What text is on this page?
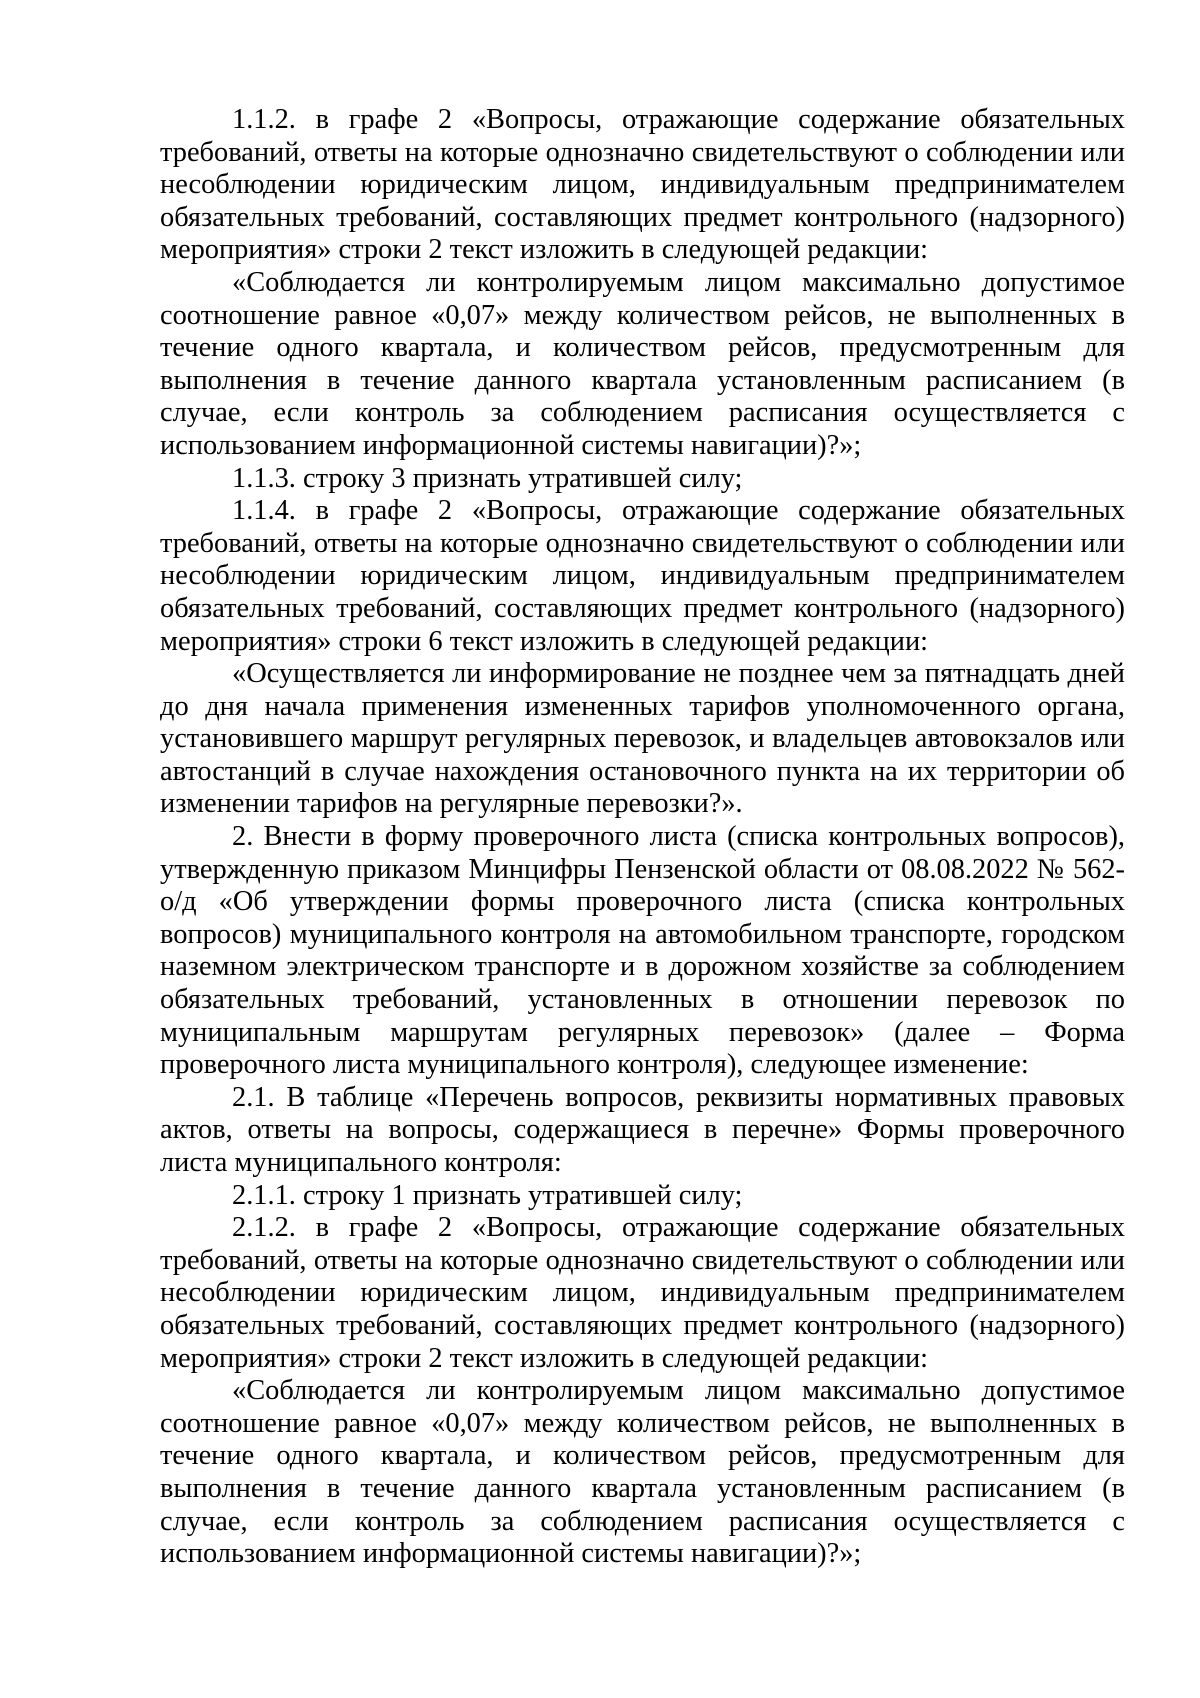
1.1.2. в графе 2 «Вопросы, отражающие содержание обязательных требований, ответы на которые однозначно свидетельствуют о соблюдении или несоблюдении юридическим лицом, индивидуальным предпринимателем обязательных требований, составляющих предмет контрольного (надзорного) мероприятия» строки 2 текст изложить в следующей редакции:

«Соблюдается ли контролируемым лицом максимально допустимое соотношение равное «0,07» между количеством рейсов, не выполненных в течение одного квартала, и количеством рейсов, предусмотренным для выполнения в течение данного квартала установленным расписанием (в случае, если контроль за соблюдением расписания осуществляется с использованием информационной системы навигации)?»;

1.1.3. строку 3 признать утратившей силу;

1.1.4. в графе 2 «Вопросы, отражающие содержание обязательных требований, ответы на которые однозначно свидетельствуют о соблюдении или несоблюдении юридическим лицом, индивидуальным предпринимателем обязательных требований, составляющих предмет контрольного (надзорного) мероприятия» строки 6 текст изложить в следующей редакции:

«Осуществляется ли информирование не позднее чем за пятнадцать дней до дня начала применения измененных тарифов уполномоченного органа, установившего маршрут регулярных перевозок, и владельцев автовокзалов или автостанций в случае нахождения остановочного пункта на их территории об изменении тарифов на регулярные перевозки?».

2. Внести в форму проверочного листа (списка контрольных вопросов), утвержденную приказом Минцифры Пензенской области от 08.08.2022 № 562-о/д «Об утверждении формы проверочного листа (списка контрольных вопросов) муниципального контроля на автомобильном транспорте, городском наземном электрическом транспорте и в дорожном хозяйстве за соблюдением обязательных требований, установленных в отношении перевозок по муниципальным маршрутам регулярных перевозок» (далее – Форма проверочного листа муниципального контроля), следующее изменение:

2.1. В таблице «Перечень вопросов, реквизиты нормативных правовых актов, ответы на вопросы, содержащиеся в перечне» Формы проверочного листа муниципального контроля:

2.1.1. строку 1 признать утратившей силу;

2.1.2. в графе 2 «Вопросы, отражающие содержание обязательных требований, ответы на которые однозначно свидетельствуют о соблюдении или несоблюдении юридическим лицом, индивидуальным предпринимателем обязательных требований, составляющих предмет контрольного (надзорного) мероприятия» строки 2 текст изложить в следующей редакции:

«Соблюдается ли контролируемым лицом максимально допустимое соотношение равное «0,07» между количеством рейсов, не выполненных в течение одного квартала, и количеством рейсов, предусмотренным для выполнения в течение данного квартала установленным расписанием (в случае, если контроль за соблюдением расписания осуществляется с использованием информационной системы навигации)?»;
